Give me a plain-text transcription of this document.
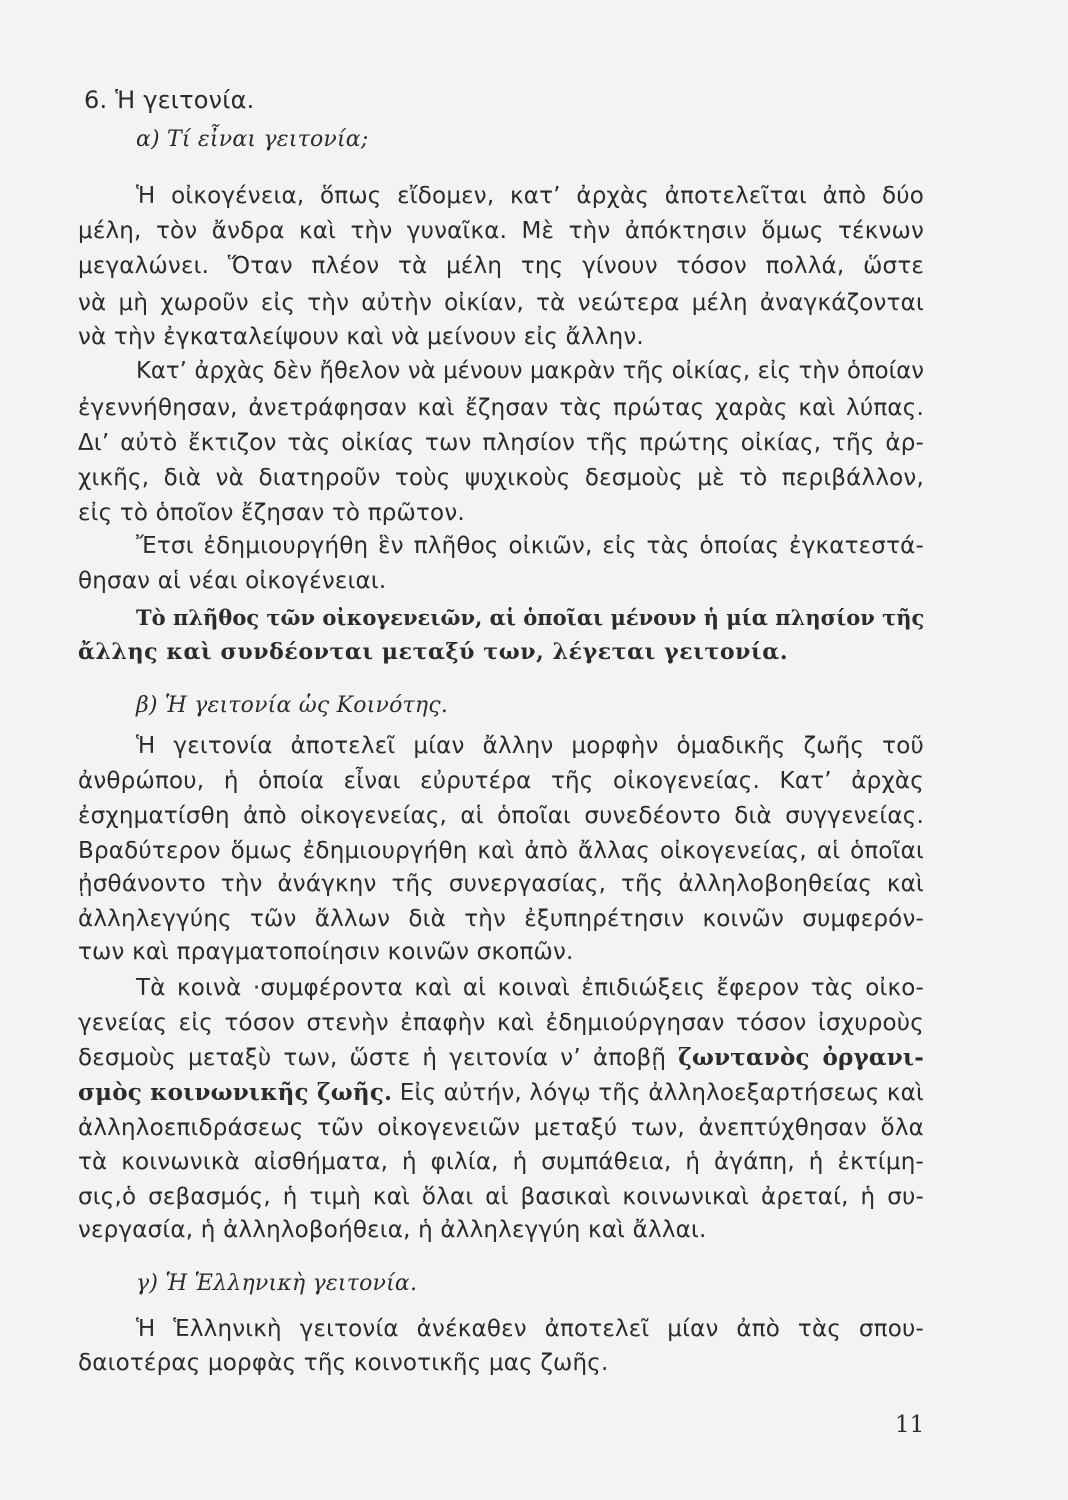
6. Ἡ γειτονία.

α) Τί εἶναι γειτονία;

Ἡ οἰκογένεια, ὅπως εἴδομεν, κατ’ ἀρχὰς ἀποτελεῖται ἀπὸ δύο

μέλη, τὸν ἄνδρα καὶ τὴν γυναῖκα. Μὲ τὴν ἀπόκτησιν ὅμως τέκνων

μεγαλώνει. Ὅταν πλέον τὰ μέλη της γίνουν τόσον πολλά, ὥστε

νὰ μὴ χωροῦν εἰς τὴν αὐτὴν οἰκίαν, τὰ νεώτερα μέλη ἀναγκάζονται

νὰ τὴν ἐγκαταλείψουν καὶ νὰ μείνουν εἰς ἄλλην.

Κατ’ ἀρχὰς δὲν ἤθελον νὰ μένουν μακρὰν τῆς οἰκίας, εἰς τὴν ὁποίαν

ἐγεννήθησαν, ἀνετράφησαν καὶ ἔζησαν τὰς πρώτας χαρὰς καὶ λύπας.

Δι’ αὐτὸ ἔκτιζον τὰς οἰκίας των πλησίον τῆς πρώτης οἰκίας, τῆς ἀρ-

χικῆς, διὰ νὰ διατηροῦν τοὺς ψυχικοὺς δεσμοὺς μὲ τὸ περιβάλλον,

εἰς τὸ ὁποῖον ἔζησαν τὸ πρῶτον.

Ἔτσι ἐδημιουργήθη ἓν πλῆθος οἰκιῶν, εἰς τὰς ὁποίας ἐγκατεστά-

θησαν αἱ νέαι οἰκογένειαι.

Τὸ πλῆθος τῶν οἰκογενειῶν, αἱ ὁποῖαι μένουν ἡ μία πλησίον τῆς

ἄλλης καὶ συνδέονται μεταξύ των, λέγεται γειτονία.

β) Ἡ γειτονία ὡς Κοινότης.

Ἡ γειτονία ἀποτελεῖ μίαν ἄλλην μορφὴν ὁμαδικῆς ζωῆς τοῦ

ἀνθρώπου, ἡ ὁποία εἶναι εὐρυτέρα τῆς οἰκογενείας. Κατ’ ἀρχὰς

ἐσχηματίσθη ἀπὸ οἰκογενείας, αἱ ὁποῖαι συνεδέοντο διὰ συγγενείας.

Βραδύτερον ὅμως ἐδημιουργήθη καὶ ἀπὸ ἄλλας οἰκογενείας, αἱ ὁποῖαι

ᾐσθάνοντο τὴν ἀνάγκην τῆς συνεργασίας, τῆς ἀλληλοβοηθείας καὶ

ἀλληλεγγύης τῶν ἄλλων διὰ τὴν ἐξυπηρέτησιν κοινῶν συμφερόν-

των καὶ πραγματοποίησιν κοινῶν σκοπῶν.

Τὰ κοινὰ ·συμφέροντα καὶ αἱ κοιναὶ ἐπιδιώξεις ἔφερον τὰς οἰκο-

γενείας εἰς τόσον στενὴν ἐπαφὴν καὶ ἐδημιούργησαν τόσον ἰσχυροὺς

δεσμοὺς μεταξὺ των, ὥστε ἡ γειτονία ν’ ἀποβῇ ζωντανὸς ὀργανι-

σμὸς κοινωνικῆς ζωῆς. Εἰς αὐτήν, λόγῳ τῆς ἀλληλοεξαρτήσεως καὶ

ἀλληλοεπιδράσεως τῶν οἰκογενειῶν μεταξύ των, ἀνεπτύχθησαν ὅλα

τὰ κοινωνικὰ αἰσθήματα, ἡ φιλία, ἡ συμπάθεια, ἡ ἀγάπη, ἡ ἐκτίμη-

σις,ὁ σεβασμός, ἡ τιμὴ καὶ ὅλαι αἱ βασικαὶ κοινωνικαὶ ἀρεταί, ἡ συ-

νεργασία, ἡ ἀλληλοβοήθεια, ἡ ἀλληλεγγύη καὶ ἄλλαι.

γ) Ἡ Ἑλληνικὴ γειτονία.

Ἡ Ἑλληνικὴ γειτονία ἀνέκαθεν ἀποτελεῖ μίαν ἀπὸ τὰς σπου-

δαιοτέρας μορφὰς τῆς κοινοτικῆς μας ζωῆς.

11
